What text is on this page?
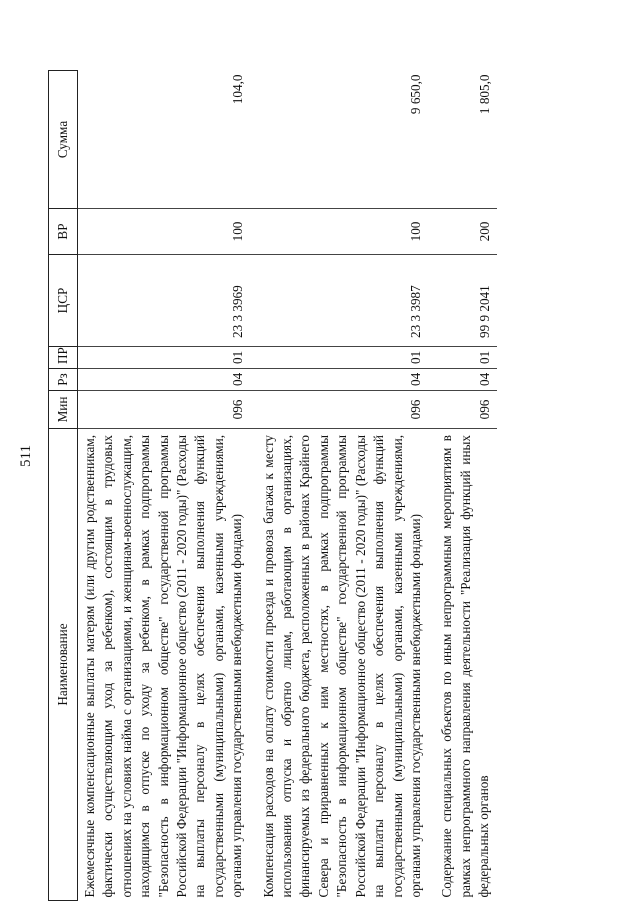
511
Наименование	Мин	Рз	ПР	ЦСР	ВР	Сумма
Ежемесячные компенсационные выплаты матерям (или другим родственникам, фактически осуществляющим уход за ребенком), состоящим в трудовых отношениях на условиях найма с организациями, и женщинам-военнослужащим, находящимся в отпуске по уходу за ребенком, в рамках подпрограммы "Безопасность в информационном обществе" государственной программы Российской Федерации "Информационное общество (2011 - 2020 годы)" (Расходы на выплаты персоналу в целях обеспечения выполнения функций государственными (муниципальными) органами, казенными учреждениями, органами управления государственными внебюджетными фондами)	096	04	01	23 3 3969	100	104,0
Компенсация расходов на оплату стоимости проезда и провоза багажа к месту использования отпуска и обратно лицам, работающим в организациях, финансируемых из федерального бюджета, расположенных в районах Крайнего Севера и приравненных к ним местностях, в рамках подпрограммы "Безопасность в информационном обществе" государственной программы Российской Федерации "Информационное общество (2011 - 2020 годы)" (Расходы на выплаты персоналу в целях обеспечения выполнения функций государственными (муниципальными) органами, казенными учреждениями, органами управления государственными внебюджетными фондами)	096	04	01	23 3 3987	100	9 650,0
Содержание специальных объектов по иным непрограммным мероприятиям в рамках непрограммного направления деятельности "Реализация функций иных федеральных органов	096	04	01	99 9 2041	200	1 805,0
